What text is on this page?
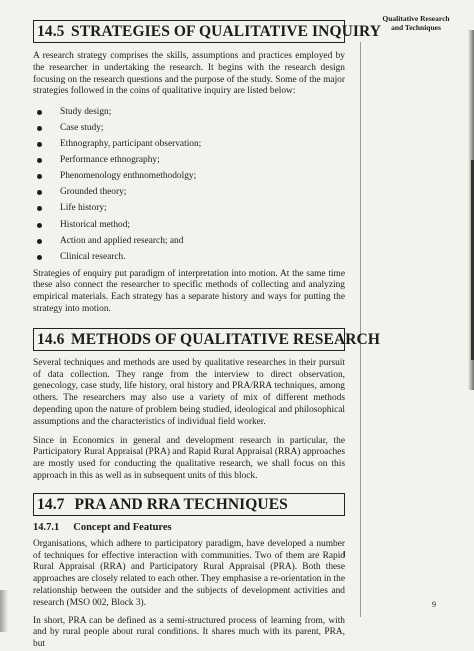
Qualitative Research
and Techniques
14.5 STRATEGIES OF QUALITATIVE INQUIRY

A research strategy comprises the skills, assumptions and practices employed by the researcher in undertaking the research. It begins with the research design focusing on the research questions and the purpose of the study. Some of the major strategies followed in the coins of qualitative inquiry are listed below:

Study design;
Case study;
Ethnography, participant observation;
Performance ethnography;
Phenomenology enthnomethodolgy;
Grounded theory;
Life history;
Historical method;
Action and applied research; and
Clinical research.

Strategies of enquiry put paradigm of interpretation into motion. At the same time these also connect the researcher to specific methods of collecting and analyzing empirical materials. Each strategy has a separate history and ways for putting the strategy into motion.

14.6 METHODS OF QUALITATIVE RESEARCH

Several techniques and methods are used by qualitative researches in their pursuit of data collection. They range from the interview to direct observation, genecology, case study, life history, oral history and PRA/RRA techniques, among others. The researchers may also use a variety of mix of different methods depending upon the nature of problem being studied, ideological and philosophical assumptions and the characteristics of individual field worker.

Since in Economics in general and development research in particular, the Participatory Rural Appraisal (PRA) and Rapid Rural Appraisal (RRA) approaches are mostly used for conducting the qualitative research, we shall focus on this approach in this as well as in subsequent units of this block.

14.7 PRA AND RRA TECHNIQUES
14.7.1 Concept and Features

Organisations, which adhere to participatory paradigm, have developed a number of techniques for effective interaction with communities. Two of them are Rapid Rural Appraisal (RRA) and Participatory Rural Appraisal (PRA). Both these approaches are closely related to each other. They emphasise a re-orientation in the relationship between the outsider and the subjects of development activities and research (MSO 002, Block 3).

In short, PRA can be defined as a semi-structured process of learning from, with and by rural people about rural conditions. It shares much with its parent, PRA, but

9
